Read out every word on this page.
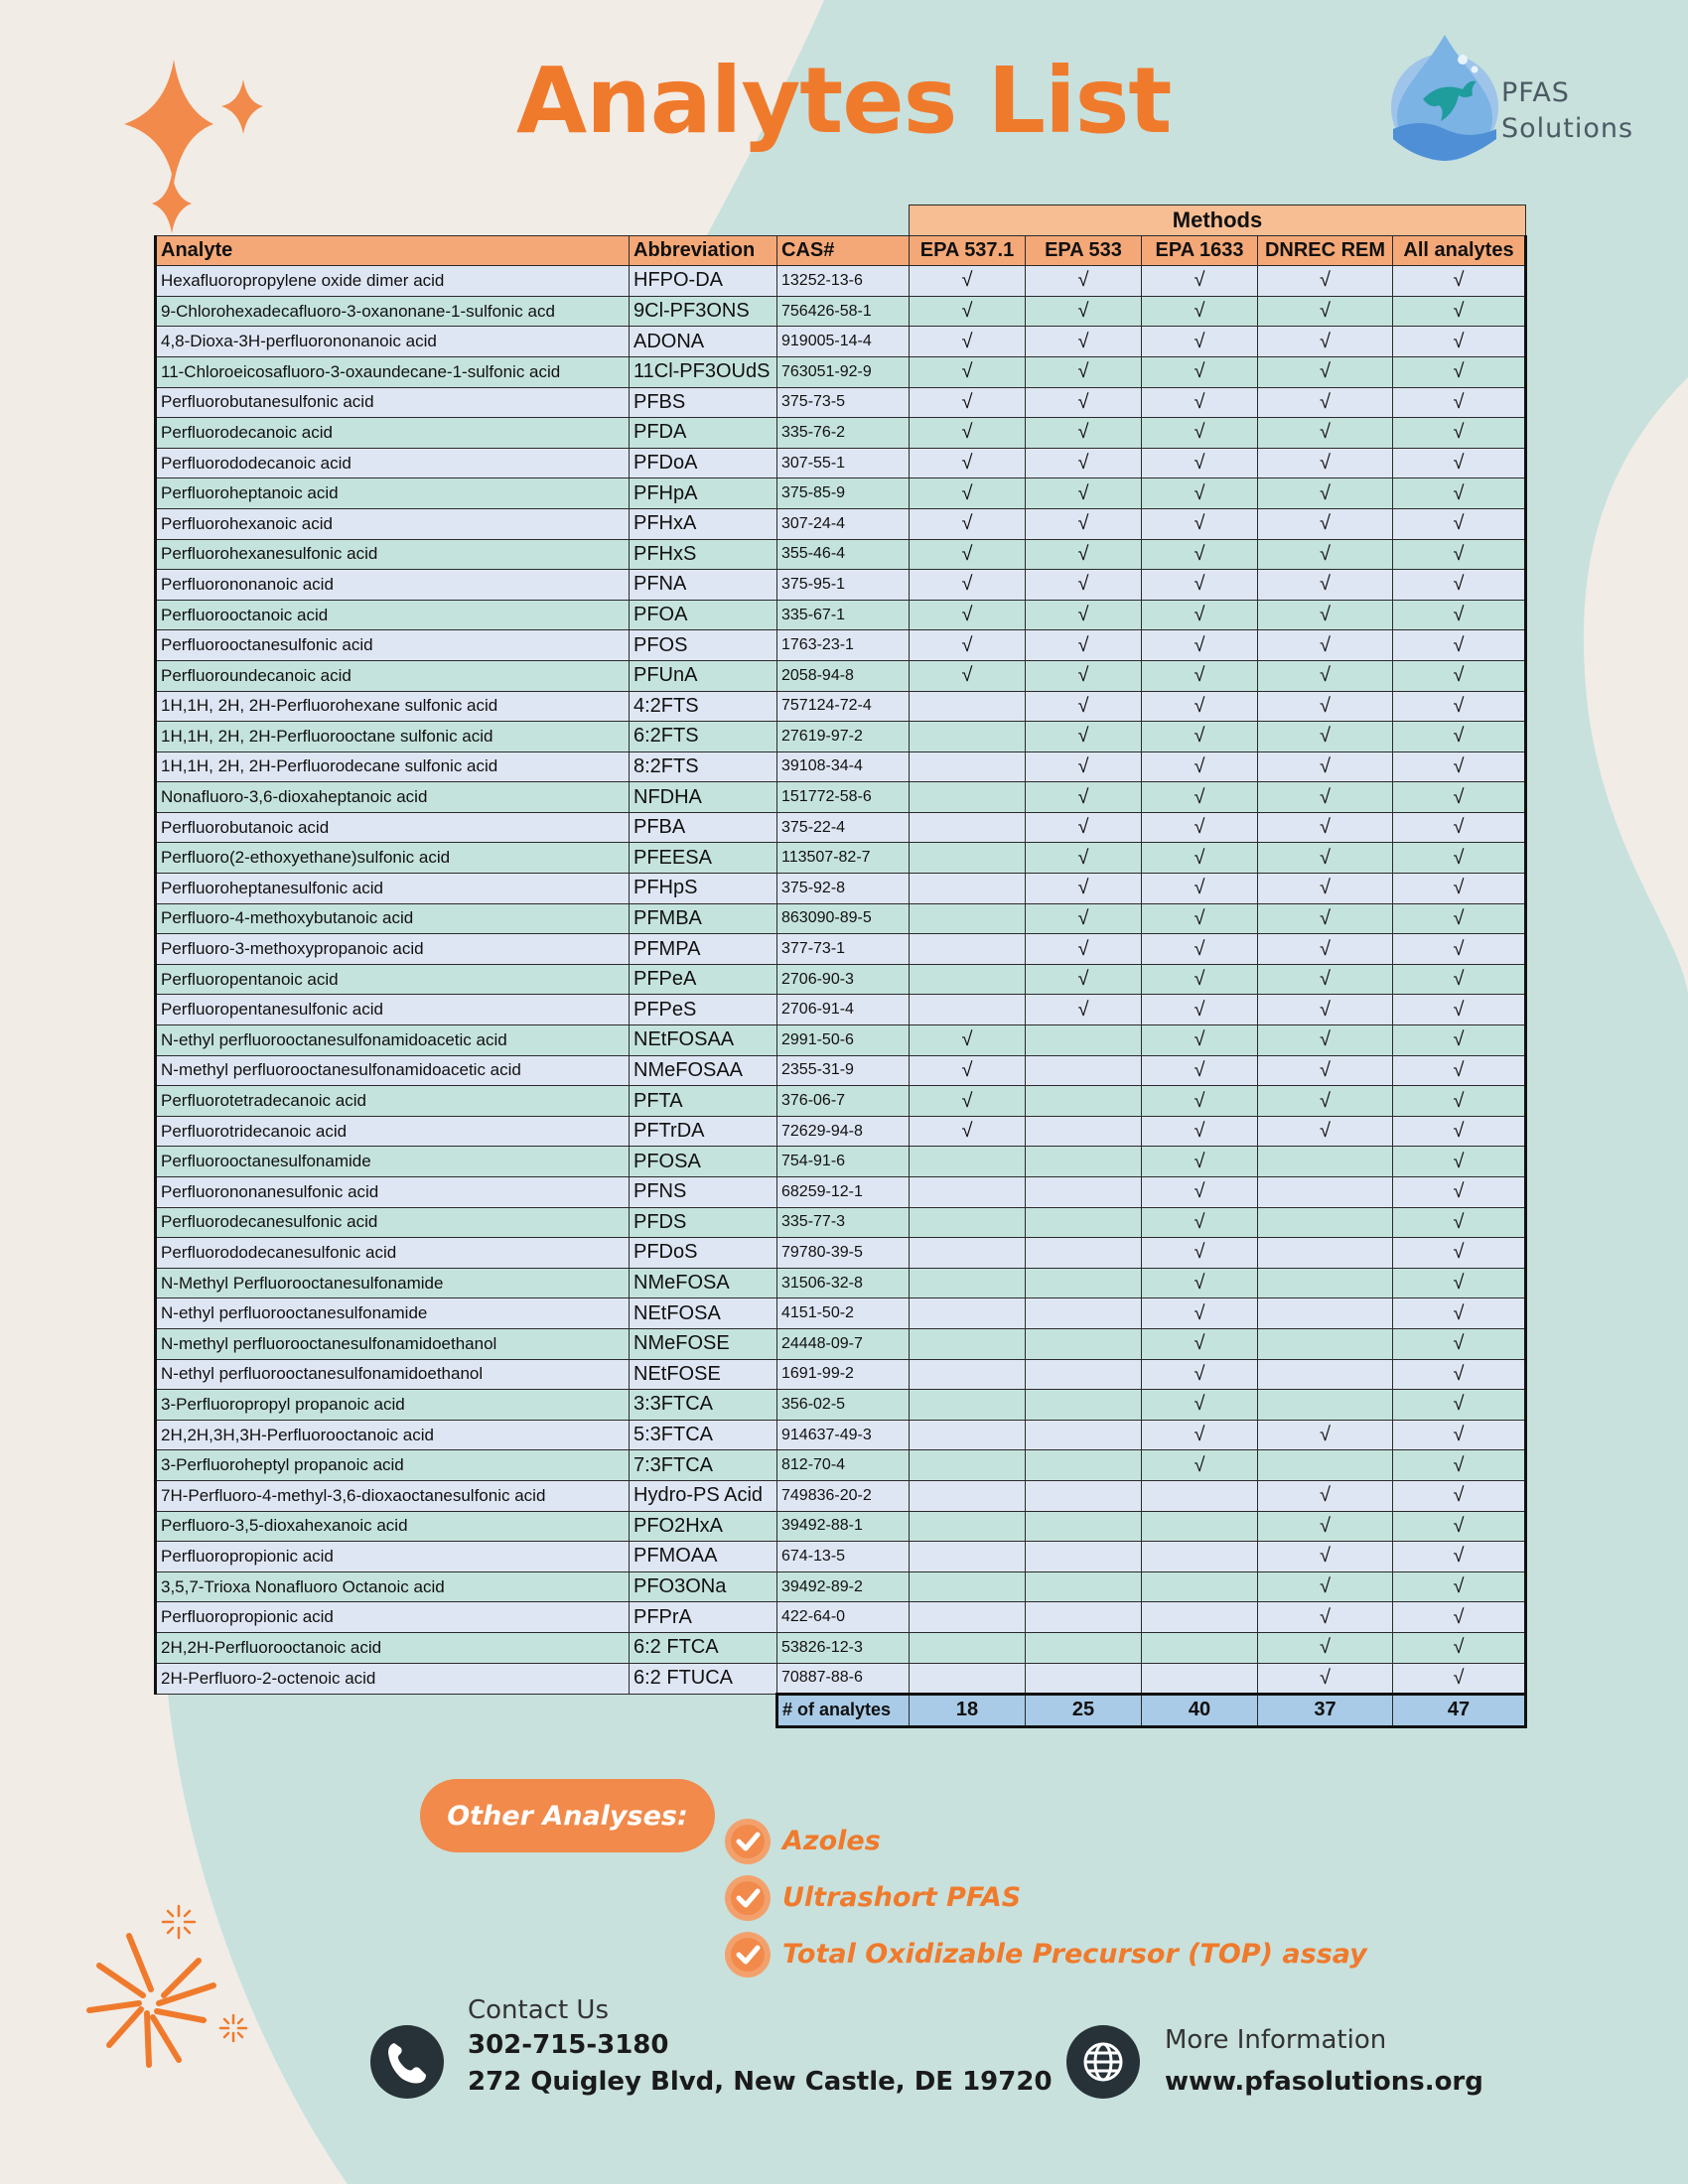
Analytes List	PFAS
Solutions
			Methods				
Analyte	Abbreviation	CAS#	EPA 537.1	EPA 533	EPA 1633	DNREC REM	All analytes
Hexafluoropropylene oxide dimer acid	HFPO-DA	13252-13-6	√	√	√	√	√
9-Chlorohexadecafluoro-3-oxanonane-1-sulfonic acd	9Cl-PF3ONS	756426-58-1	√	√	√	√	√
4,8-Dioxa-3H-perfluorononanoic acid	ADONA	919005-14-4	√	√	√	√	√
11-Chloroeicosafluoro-3-oxaundecane-1-sulfonic acid	11Cl-PF3OUdS	763051-92-9	√	√	√	√	√
Perfluorobutanesulfonic acid	PFBS	375-73-5	√	√	√	√	√
Perfluorodecanoic acid	PFDA	335-76-2	√	√	√	√	√
Perfluorododecanoic acid	PFDoA	307-55-1	√	√	√	√	√
Perfluoroheptanoic acid	PFHpA	375-85-9	√	√	√	√	√
Perfluorohexanoic acid	PFHxA	307-24-4	√	√	√	√	√
Perfluorohexanesulfonic acid	PFHxS	355-46-4	√	√	√	√	√
Perfluorononanoic acid	PFNA	375-95-1	√	√	√	√	√
Perfluorooctanoic acid	PFOA	335-67-1	√	√	√	√	√
Perfluorooctanesulfonic acid	PFOS	1763-23-1	√	√	√	√	√
Perfluoroundecanoic acid	PFUnA	2058-94-8	√	√	√	√	√
1H,1H, 2H, 2H-Perfluorohexane sulfonic acid	4:2FTS	757124-72-4		√	√	√	√
1H,1H, 2H, 2H-Perfluorooctane sulfonic acid	6:2FTS	27619-97-2		√	√	√	√
1H,1H, 2H, 2H-Perfluorodecane sulfonic acid	8:2FTS	39108-34-4		√	√	√	√
Nonafluoro-3,6-dioxaheptanoic acid	NFDHA	151772-58-6		√	√	√	√
Perfluorobutanoic acid	PFBA	375-22-4		√	√	√	√
Perfluoro(2-ethoxyethane)sulfonic acid	PFEESA	113507-82-7		√	√	√	√
Perfluoroheptanesulfonic acid	PFHpS	375-92-8		√	√	√	√
Perfluoro-4-methoxybutanoic acid	PFMBA	863090-89-5		√	√	√	√
Perfluoro-3-methoxypropanoic acid	PFMPA	377-73-1		√	√	√	√
Perfluoropentanoic acid	PFPeA	2706-90-3		√	√	√	√
Perfluoropentanesulfonic acid	PFPeS	2706-91-4		√	√	√	√
N-ethyl perfluorooctanesulfonamidoacetic acid	NEtFOSAA	2991-50-6	√		√	√	√
N-methyl perfluorooctanesulfonamidoacetic acid	NMeFOSAA	2355-31-9	√		√	√	√
Perfluorotetradecanoic acid	PFTA	376-06-7	√		√	√	√
Perfluorotridecanoic acid	PFTrDA	72629-94-8	√		√	√	√
Perfluorooctanesulfonamide	PFOSA	754-91-6			√		√
Perfluorononanesulfonic acid	PFNS	68259-12-1			√		√
Perfluorodecanesulfonic acid	PFDS	335-77-3			√		√
Perfluorododecanesulfonic acid	PFDoS	79780-39-5			√		√
N-Methyl Perfluorooctanesulfonamide	NMeFOSA	31506-32-8			√		√
N-ethyl perfluorooctanesulfonamide	NEtFOSA	4151-50-2			√		√
N-methyl perfluorooctanesulfonamidoethanol	NMeFOSE	24448-09-7			√		√
N-ethyl perfluorooctanesulfonamidoethanol	NEtFOSE	1691-99-2			√		√
3-Perfluoropropyl propanoic acid	3:3FTCA	356-02-5			√		√
2H,2H,3H,3H-Perfluorooctanoic acid	5:3FTCA	914637-49-3			√	√	√
3-Perfluoroheptyl propanoic acid	7:3FTCA	812-70-4			√		√
7H-Perfluoro-4-methyl-3,6-dioxaoctanesulfonic acid	Hydro-PS Acid	749836-20-2				√	√
Perfluoro-3,5-dioxahexanoic acid	PFO2HxA	39492-88-1				√	√
Perfluoropropionic acid	PFMOAA	674-13-5				√	√
3,5,7-Trioxa Nonafluoro Octanoic acid	PFO3ONa	39492-89-2				√	√
Perfluoropropionic acid	PFPrA	422-64-0				√	√
2H,2H-Perfluorooctanoic acid	6:2 FTCA	53826-12-3				√	√
2H-Perfluoro-2-octenoic acid	6:2 FTUCA	70887-88-6				√	√
		# of analytes	18	25	40	37	47
Other Analyses:
Azoles
Ultrashort PFAS
Total Oxidizable Precursor (TOP) assay
Contact Us
302-715-3180
272 Quigley Blvd, New Castle, DE 19720
More Information
www.pfasolutions.org
